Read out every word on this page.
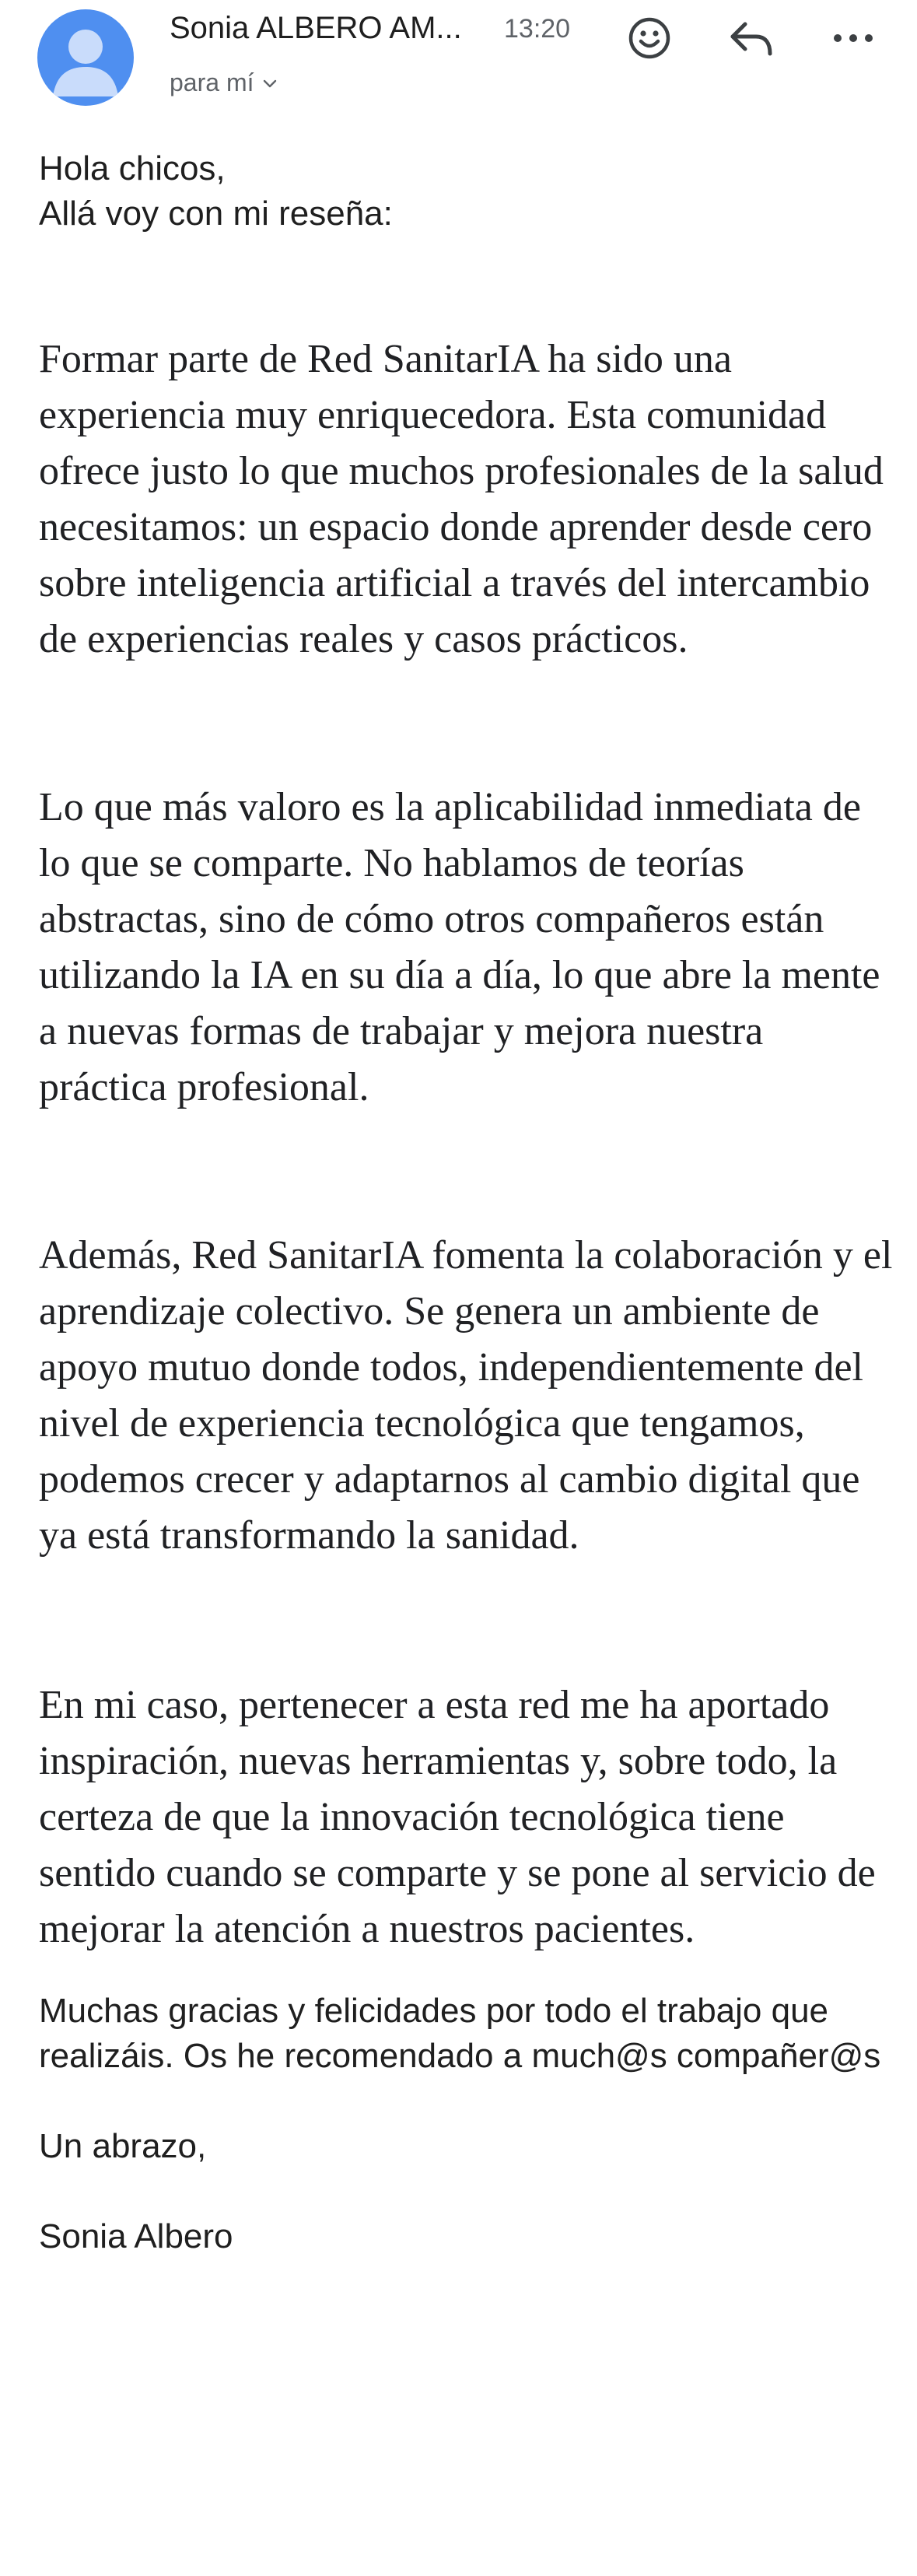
Sonia ALBERO AM...	13:20
para mí

Hola chicos,

Allá voy con mi reseña:

Formar parte de Red SanitarIA ha sido una experiencia muy enriquecedora. Esta comunidad ofrece justo lo que muchos profesionales de la salud necesitamos: un espacio donde aprender desde cero sobre inteligencia artificial a través del intercambio de experiencias reales y casos prácticos.

Lo que más valoro es la aplicabilidad inmediata de lo que se comparte. No hablamos de teorías abstractas, sino de cómo otros compañeros están utilizando la IA en su día a día, lo que abre la mente a nuevas formas de trabajar y mejora nuestra práctica profesional.

Además, Red SanitarIA fomenta la colaboración y el aprendizaje colectivo. Se genera un ambiente de apoyo mutuo donde todos, independientemente del nivel de experiencia tecnológica que tengamos, podemos crecer y adaptarnos al cambio digital que ya está transformando la sanidad.

En mi caso, pertenecer a esta red me ha aportado inspiración, nuevas herramientas y, sobre todo, la certeza de que la innovación tecnológica tiene sentido cuando se comparte y se pone al servicio de mejorar la atención a nuestros pacientes.

Muchas gracias y felicidades por todo el trabajo que realizáis. Os he recomendado a much@s compañer@s

Un abrazo,

Sonia Albero
